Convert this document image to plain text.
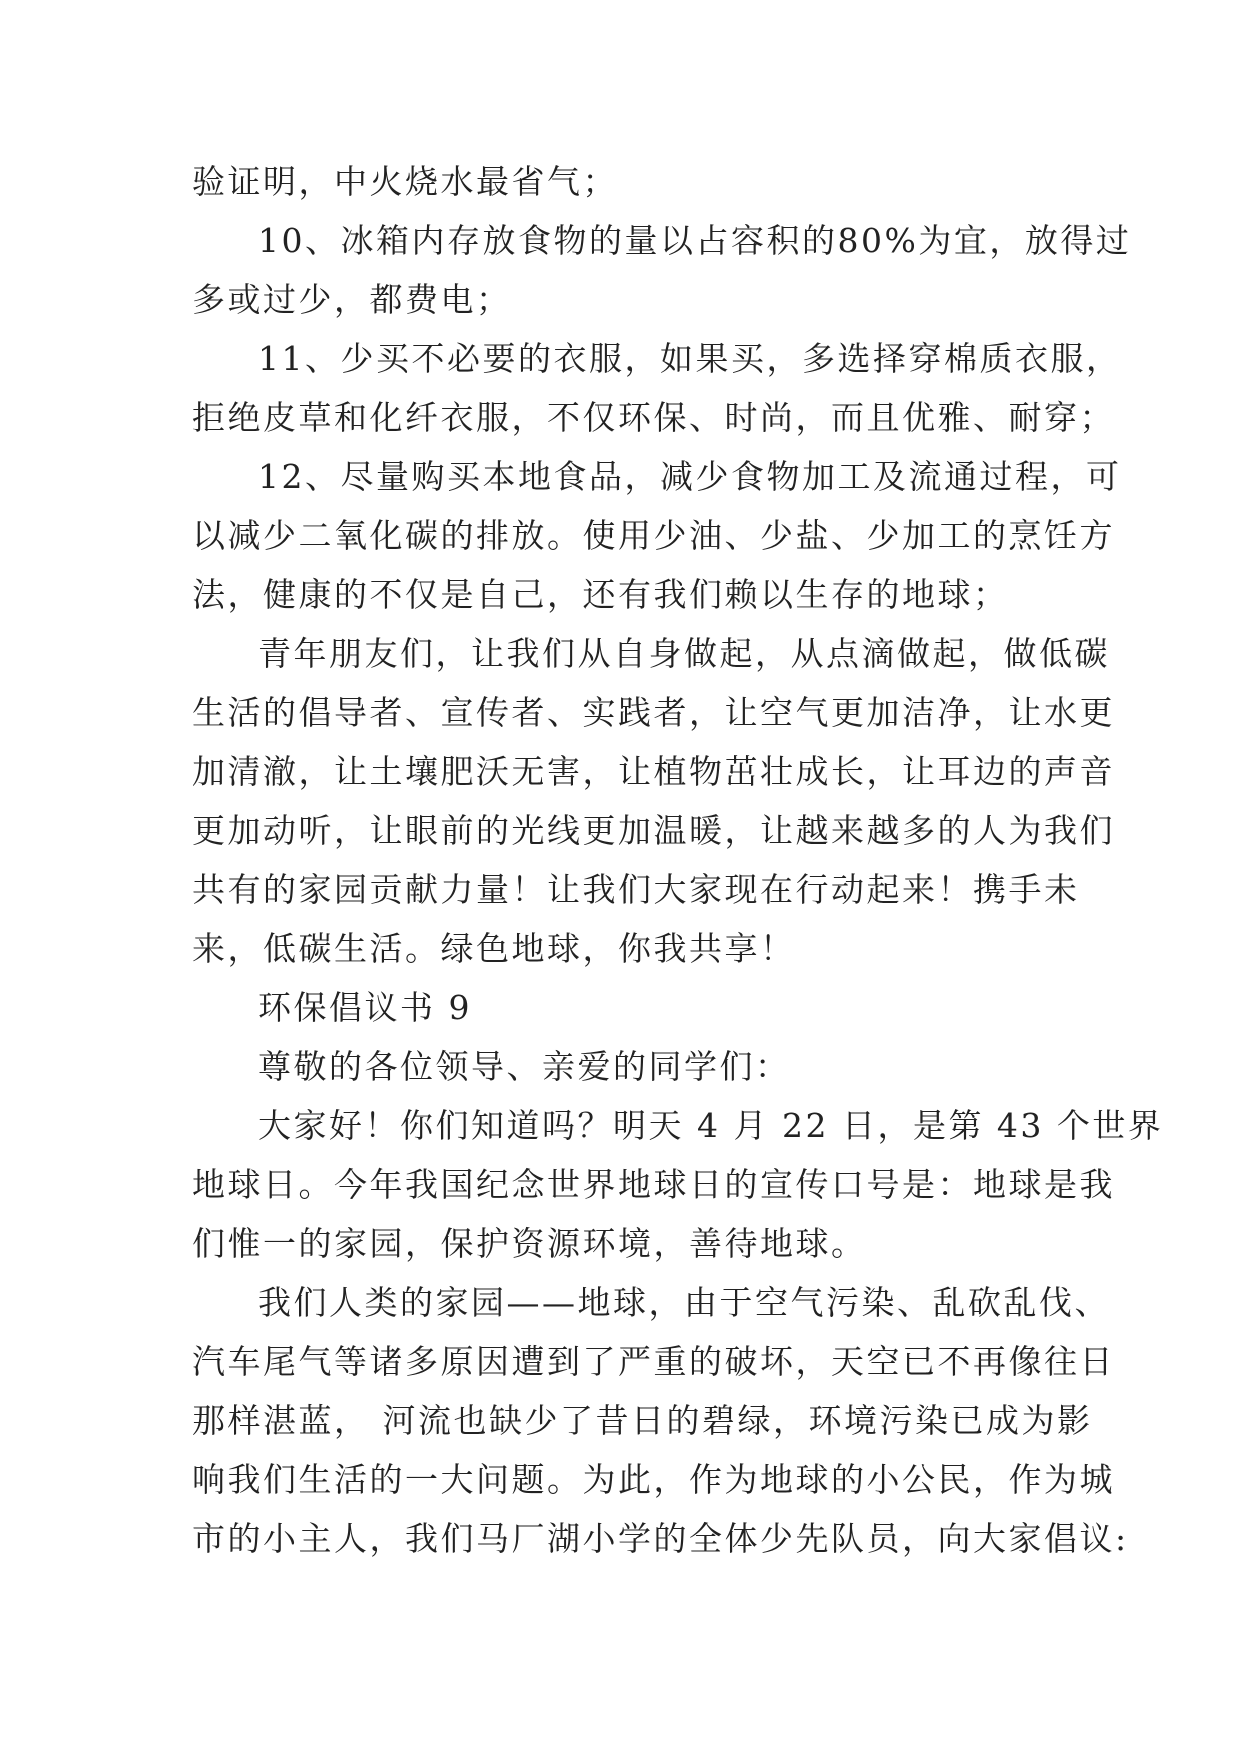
验证明，中火烧水最省气；
10、冰箱内存放食物的量以占容积的80%为宜，放得过
多或过少，都费电；
11、少买不必要的衣服，如果买，多选择穿棉质衣服，
拒绝皮草和化纤衣服，不仅环保、时尚，而且优雅、耐穿；
12、尽量购买本地食品，减少食物加工及流通过程，可
以减少二氧化碳的排放。使用少油、少盐、少加工的烹饪方
法，健康的不仅是自己，还有我们赖以生存的地球；
青年朋友们，让我们从自身做起，从点滴做起，做低碳
生活的倡导者、宣传者、实践者，让空气更加洁净，让水更
加清澈，让土壤肥沃无害，让植物茁壮成长，让耳边的声音
更加动听，让眼前的光线更加温暖，让越来越多的人为我们
共有的家园贡献力量！让我们大家现在行动起来！携手未
来，低碳生活。绿色地球，你我共享！
环保倡议书 9
尊敬的各位领导、亲爱的同学们：
大家好！你们知道吗？明天 4 月 22 日，是第 43 个世界
地球日。今年我国纪念世界地球日的宣传口号是：地球是我
们惟一的家园，保护资源环境，善待地球。
我们人类的家园——地球，由于空气污染、乱砍乱伐、
汽车尾气等诸多原因遭到了严重的破坏，天空已不再像往日
那样湛蓝， 河流也缺少了昔日的碧绿，环境污染已成为影
响我们生活的一大问题。为此，作为地球的小公民，作为城
市的小主人，我们马厂湖小学的全体少先队员，向大家倡议:
